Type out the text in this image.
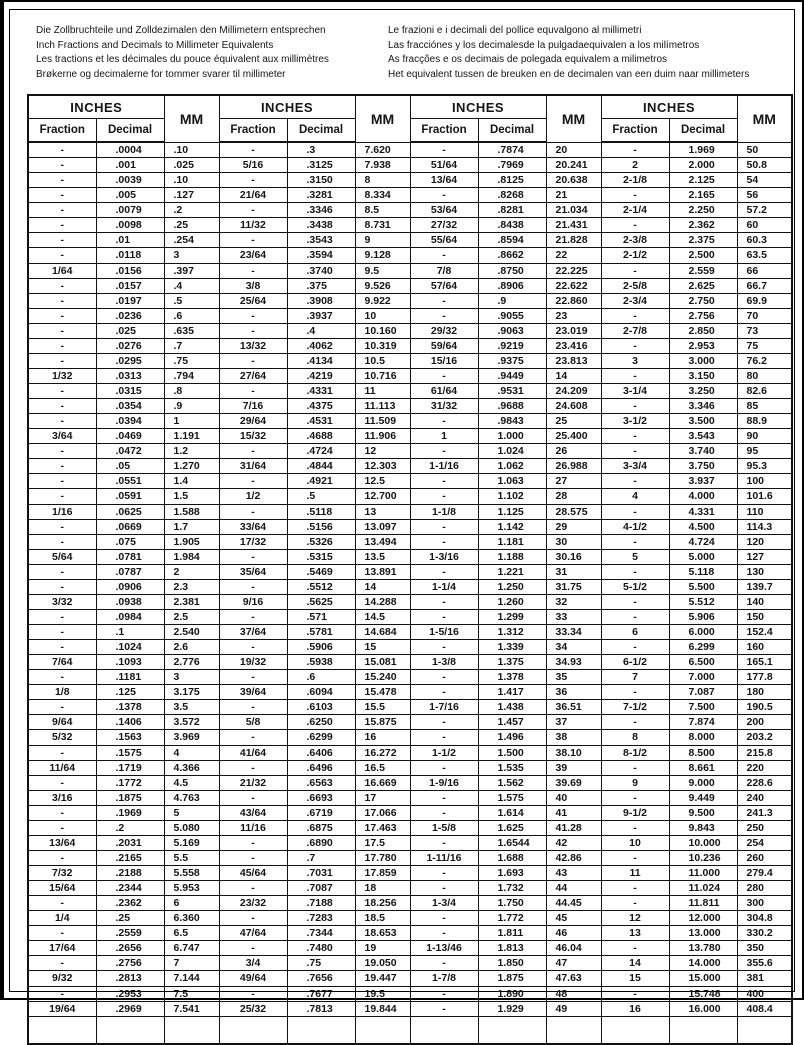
Die Zollbruchteile und Zolldezimalen den Millimetern entsprechen
Inch Fractions and Decimals to Millimeter Equivalents
Les tractions et les décimales du pouce équivalent aux millimètres
Brøkerne og decimalerne for tommer svarer til millimeter
Le frazioni e i decimali del pollice equvalgono al millimetri
Las fracciónes y los decimalesde la pulgadaequivalen a los milímetros
As fracções e os decimais de polegada equivalem a milimetros
Het equivalent tussen de breuken en de decimalen van een duim naar millimeters
INCHES		MM	INCHES		MM	INCHES		MM	INCHES		MM
Fraction	Decimal		Fraction	Decimal		Fraction	Decimal		Fraction	Decimal	
-	.0004	.10	-	.3	7.620	-	.7874	20	-	1.969	50
-	.001	.025	5/16	.3125	7.938	51/64	.7969	20.241	2	2.000	50.8
-	.0039	.10	-	.3150	8	13/64	.8125	20.638	2-1/8	2.125	54
-	.005	.127	21/64	.3281	8.334	-	.8268	21	-	2.165	56
-	.0079	.2	-	.3346	8.5	53/64	.8281	21.034	2-1/4	2.250	57.2
-	.0098	.25	11/32	.3438	8.731	27/32	.8438	21.431	-	2.362	60
-	.01	.254	-	.3543	9	55/64	.8594	21.828	2-3/8	2.375	60.3
-	.0118	3	23/64	.3594	9.128	-	.8662	22	2-1/2	2.500	63.5
1/64	.0156	.397	-	.3740	9.5	7/8	.8750	22.225	-	2.559	66
-	.0157	.4	3/8	.375	9.526	57/64	.8906	22.622	2-5/8	2.625	66.7
-	.0197	.5	25/64	.3908	9.922	-	.9	22.860	2-3/4	2.750	69.9
-	.0236	.6	-	.3937	10	-	.9055	23	-	2.756	70
-	.025	.635	-	.4	10.160	29/32	.9063	23.019	2-7/8	2.850	73
-	.0276	.7	13/32	.4062	10.319	59/64	.9219	23.416	-	2.953	75
-	.0295	.75	-	.4134	10.5	15/16	.9375	23.813	3	3.000	76.2
1/32	.0313	.794	27/64	.4219	10.716	-	.9449	14	-	3.150	80
-	.0315	.8	-	.4331	11	61/64	.9531	24.209	3-1/4	3.250	82.6
-	.0354	.9	7/16	.4375	11.113	31/32	.9688	24.608	-	3.346	85
-	.0394	1	29/64	.4531	11.509	-	.9843	25	3-1/2	3.500	88.9
3/64	.0469	1.191	15/32	.4688	11.906	1	1.000	25.400	-	3.543	90
-	.0472	1.2	-	.4724	12	-	1.024	26	-	3.740	95
-	.05	1.270	31/64	.4844	12.303	1-1/16	1.062	26.988	3-3/4	3.750	95.3
-	.0551	1.4	-	.4921	12.5	-	1.063	27	-	3.937	100
-	.0591	1.5	1/2	.5	12.700	-	1.102	28	4	4.000	101.6
1/16	.0625	1.588	-	.5118	13	1-1/8	1.125	28.575	-	4.331	110
-	.0669	1.7	33/64	.5156	13.097	-	1.142	29	4-1/2	4.500	114.3
-	.075	1.905	17/32	.5326	13.494	-	1.181	30	-	4.724	120
5/64	.0781	1.984	-	.5315	13.5	1-3/16	1.188	30.16	5	5.000	127
-	.0787	2	35/64	.5469	13.891	-	1.221	31	-	5.118	130
-	.0906	2.3	-	.5512	14	1-1/4	1.250	31.75	5-1/2	5.500	139.7
3/32	.0938	2.381	9/16	.5625	14.288	-	1.260	32	-	5.512	140
-	.0984	2.5	-	.571	14.5	-	1.299	33	-	5.906	150
-	.1	2.540	37/64	.5781	14.684	1-5/16	1.312	33.34	6	6.000	152.4
-	.1024	2.6	-	.5906	15	-	1.339	34	-	6.299	160
7/64	.1093	2.776	19/32	.5938	15.081	1-3/8	1.375	34.93	6-1/2	6.500	165.1
-	.1181	3	-	.6	15.240	-	1.378	35	7	7.000	177.8
1/8	.125	3.175	39/64	.6094	15.478	-	1.417	36	-	7.087	180
-	.1378	3.5	-	.6103	15.5	1-7/16	1.438	36.51	7-1/2	7.500	190.5
9/64	.1406	3.572	5/8	.6250	15.875	-	1.457	37	-	7.874	200
5/32	.1563	3.969	-	.6299	16	-	1.496	38	8	8.000	203.2
-	.1575	4	41/64	.6406	16.272	1-1/2	1.500	38.10	8-1/2	8.500	215.8
11/64	.1719	4.366	-	.6496	16.5	-	1.535	39	-	8.661	220
-	.1772	4.5	21/32	.6563	16.669	1-9/16	1.562	39.69	9	9.000	228.6
3/16	.1875	4.763	-	.6693	17	-	1.575	40	-	9.449	240
-	.1969	5	43/64	.6719	17.066	-	1.614	41	9-1/2	9.500	241.3
-	.2	5.080	11/16	.6875	17.463	1-5/8	1.625	41.28	-	9.843	250
13/64	.2031	5.169	-	.6890	17.5	-	1.6544	42	10	10.000	254
-	.2165	5.5	-	.7	17.780	1-11/16	1.688	42.86	-	10.236	260
7/32	.2188	5.558	45/64	.7031	17.859	-	1.693	43	11	11.000	279.4
15/64	.2344	5.953	-	.7087	18	-	1.732	44	-	11.024	280
-	.2362	6	23/32	.7188	18.256	1-3/4	1.750	44.45	-	11.811	300
1/4	.25	6.360	-	.7283	18.5	-	1.772	45	12	12.000	304.8
-	.2559	6.5	47/64	.7344	18.653	-	1.811	46	13	13.000	330.2
17/64	.2656	6.747	-	.7480	19	1-13/46	1.813	46.04	-	13.780	350
-	.2756	7	3/4	.75	19.050	-	1.850	47	14	14.000	355.6
9/32	.2813	7.144	49/64	.7656	19.447	1-7/8	1.875	47.63	15	15.000	381
-	.2953	7.5	-	.7677	19.5	-	1.890	48	-	15.748	400
19/64	.2969	7.541	25/32	.7813	19.844	-	1.929	49	16	16.000	408.4
